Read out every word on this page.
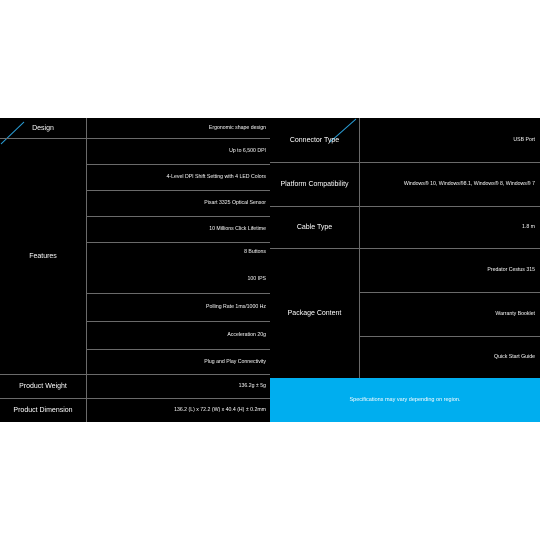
Design
Features
Product Weight
Product Dimension
Ergonomic shape design
Up to 6,500 DPI
4-Level DPI Shift Setting with 4 LED Colors
Pixart 3325 Optical Sensor
10 Millions Click Lifetime
8 Buttons
100 IPS
Polling Rate 1ms/1000 Hz
Acceleration 20g
Plug and Play Connectivity
136.2g ± 5g
136.2 (L) x 72.2 (W) x 40.4 (H) ± 0.2mm
Connector Type
Platform Compatibility
Cable Type
Package Content
USB Port
Windows® 10, Windows®8.1, Windows® 8, Windows® 7
1.8 m
Predator Cestus 315
Warranty Booklet
Quick Start Guide
Specifications may vary depending on region.
